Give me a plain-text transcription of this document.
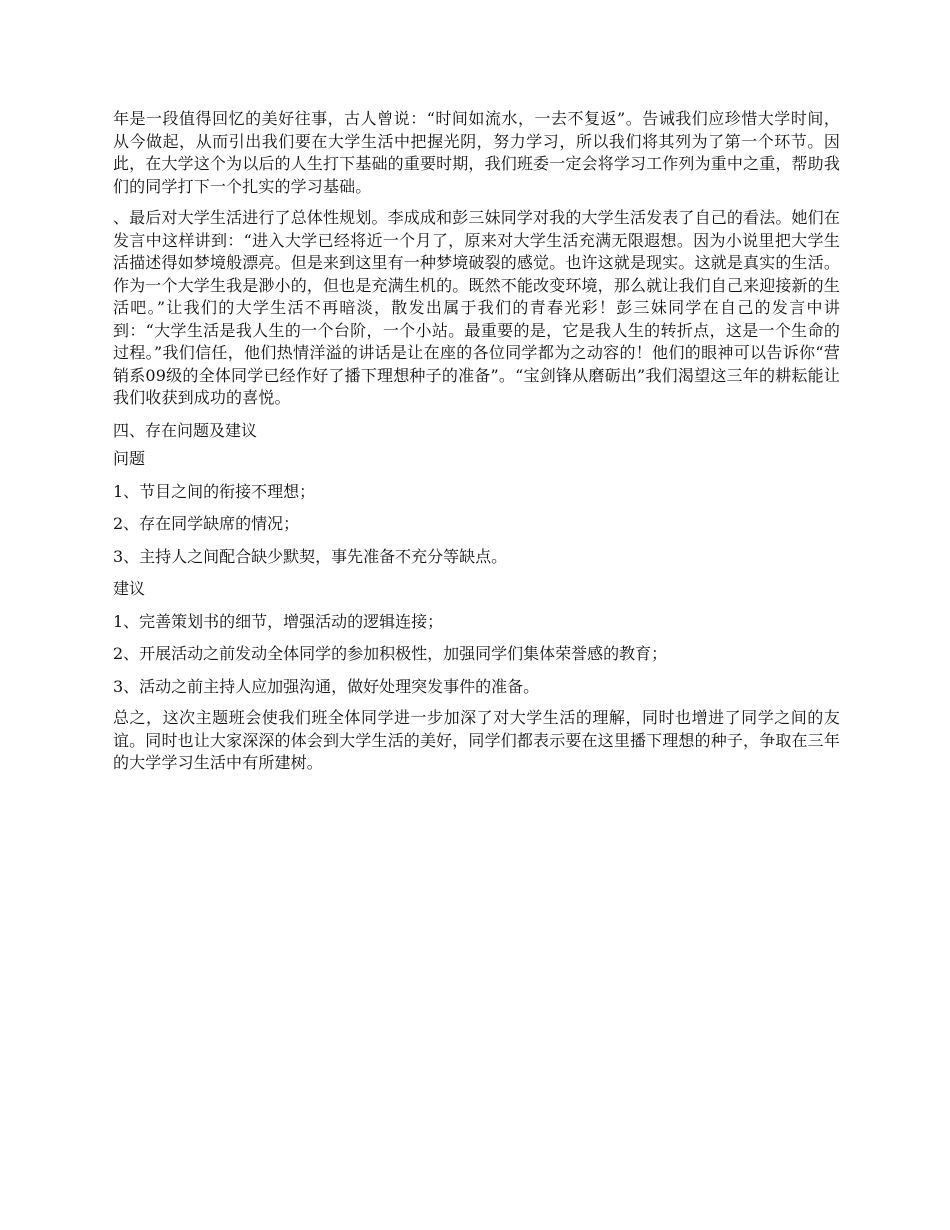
年是一段值得回忆的美好往事，古人曾说：“时间如流水，一去不复返”。告诫我们应珍惜大学时间，从今做起，从而引出我们要在大学生活中把握光阴，努力学习，所以我们将其列为了第一个环节。因此，在大学这个为以后的人生打下基础的重要时期，我们班委一定会将学习工作列为重中之重，帮助我们的同学打下一个扎实的学习基础。

、最后对大学生活进行了总体性规划。李成成和彭三妹同学对我的大学生活发表了自己的看法。她们在发言中这样讲到：“进入大学已经将近一个月了，原来对大学生活充满无限遐想。因为小说里把大学生活描述得如梦境般漂亮。但是来到这里有一种梦境破裂的感觉。也许这就是现实。这就是真实的生活。作为一个大学生我是渺小的，但也是充满生机的。既然不能改变环境，那么就让我们自己来迎接新的生活吧。”让我们的大学生活不再暗淡，散发出属于我们的青春光彩！彭三妹同学在自己的发言中讲到：“大学生活是我人生的一个台阶，一个小站。最重要的是，它是我人生的转折点，这是一个生命的过程。”我们信任，他们热情洋溢的讲话是让在座的各位同学都为之动容的！他们的眼神可以告诉你“营销系09级的全体同学已经作好了播下理想种子的准备”。“宝剑锋从磨砺出”我们渴望这三年的耕耘能让我们收获到成功的喜悦。

四、存在问题及建议

问题

1、节目之间的衔接不理想；

2、存在同学缺席的情况；

3、主持人之间配合缺少默契，事先准备不充分等缺点。

建议

1、完善策划书的细节，增强活动的逻辑连接；

2、开展活动之前发动全体同学的参加积极性，加强同学们集体荣誉感的教育；

3、活动之前主持人应加强沟通，做好处理突发事件的准备。

总之，这次主题班会使我们班全体同学进一步加深了对大学生活的理解，同时也增进了同学之间的友谊。同时也让大家深深的体会到大学生活的美好，同学们都表示要在这里播下理想的种子，争取在三年的大学学习生活中有所建树。
